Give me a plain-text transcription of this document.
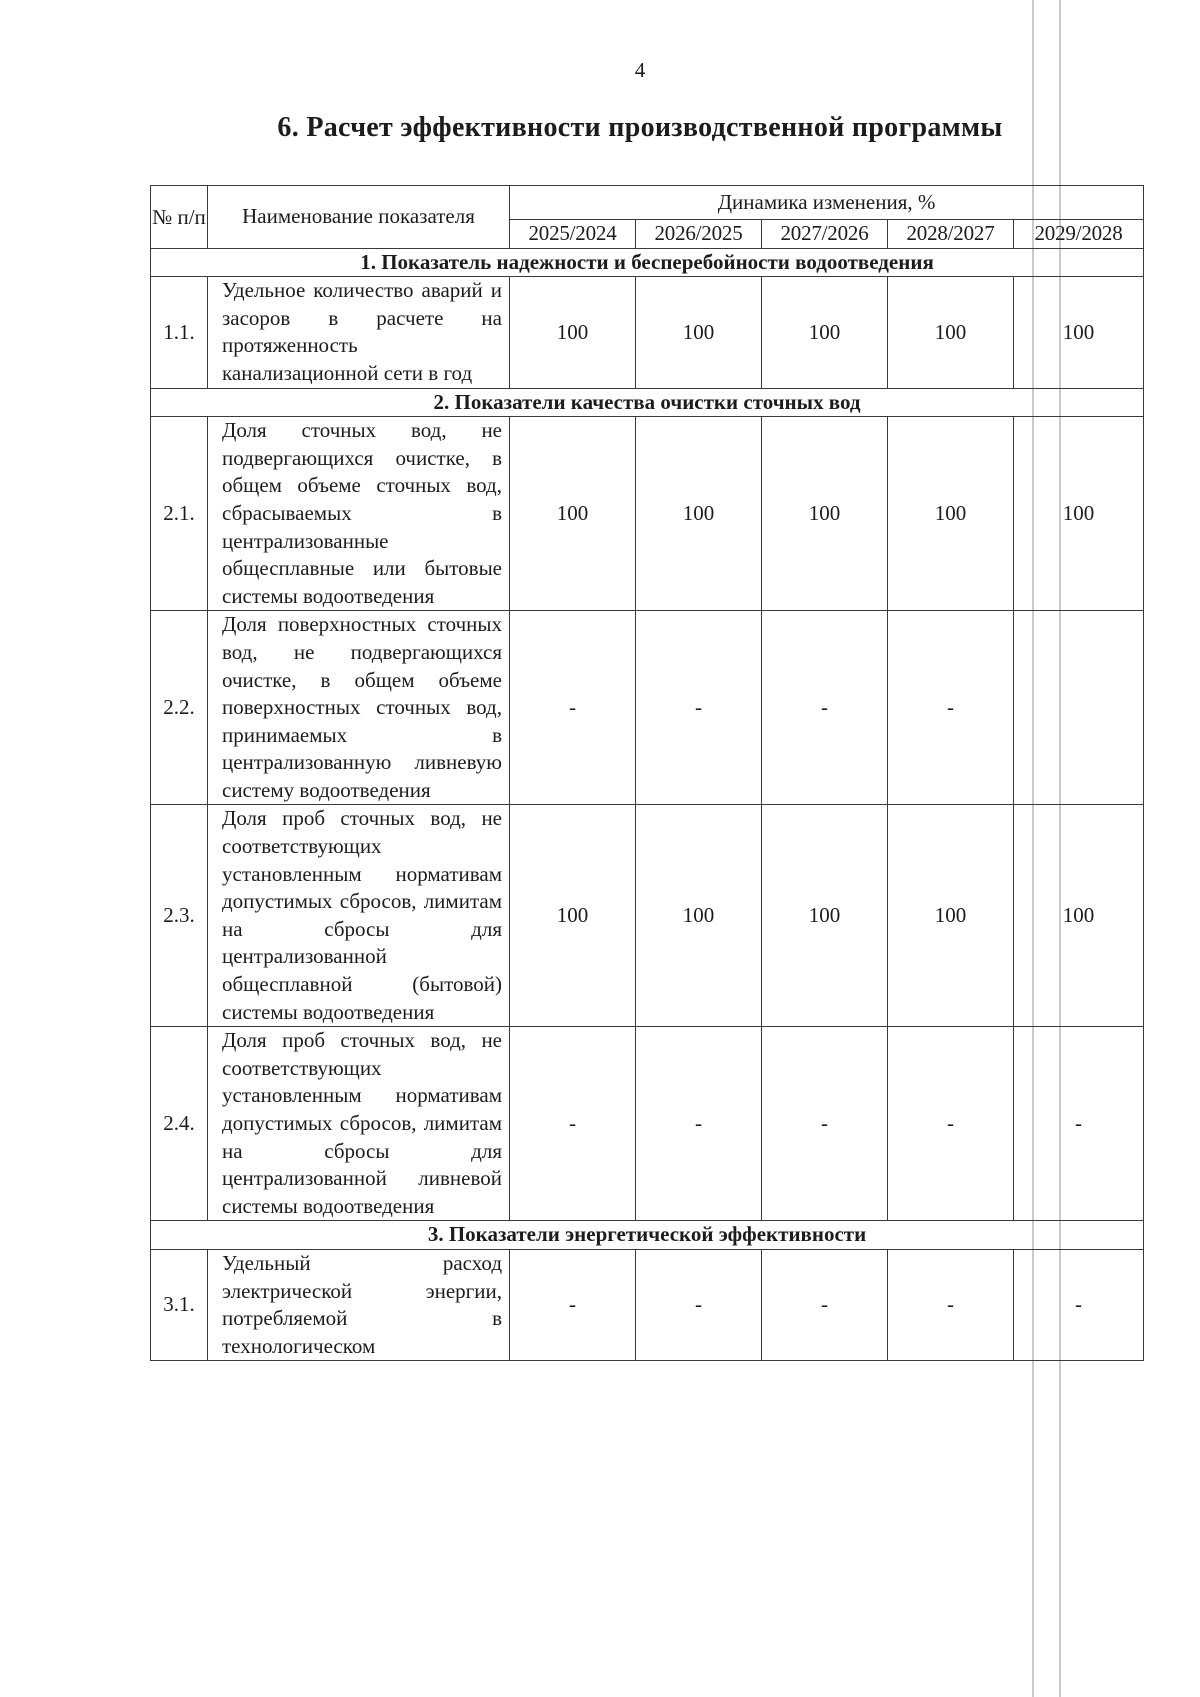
4
6. Расчет эффективности производственной программы
№ п/п	Наименование показателя	Динамика изменения, %				
		2025/2024	2026/2025	2027/2026	2028/2027	2029/2028
1. Показатель надежности и бесперебойности водоотведения						
1.1.	Удельное количество аварий и засоров в расчете на протяженность канализационной сети в год	100	100	100	100	100
2. Показатели качества очистки сточных вод						
2.1.	Доля сточных вод, не подвергающихся очистке, в общем объеме сточных вод, сбрасываемых в централизованные общесплавные или бытовые системы водоотведения	100	100	100	100	100
2.2.	Доля поверхностных сточных вод, не подвергающихся очистке, в общем объеме поверхностных сточных вод, принимаемых в централизованную ливневую систему водоотведения	-	-	-	-	
2.3.	Доля проб сточных вод, не соответствующих установленным нормативам допустимых сбросов, лимитам на сбросы для централизованной общесплавной (бытовой) системы водоотведения	100	100	100	100	100
2.4.	Доля проб сточных вод, не соответствующих установленным нормативам допустимых сбросов, лимитам на сбросы для централизованной ливневой системы водоотведения	-	-	-	-	-
3. Показатели энергетической эффективности						
3.1.	Удельный расход электрической энергии, потребляемой в технологическом	-	-	-	-	-
